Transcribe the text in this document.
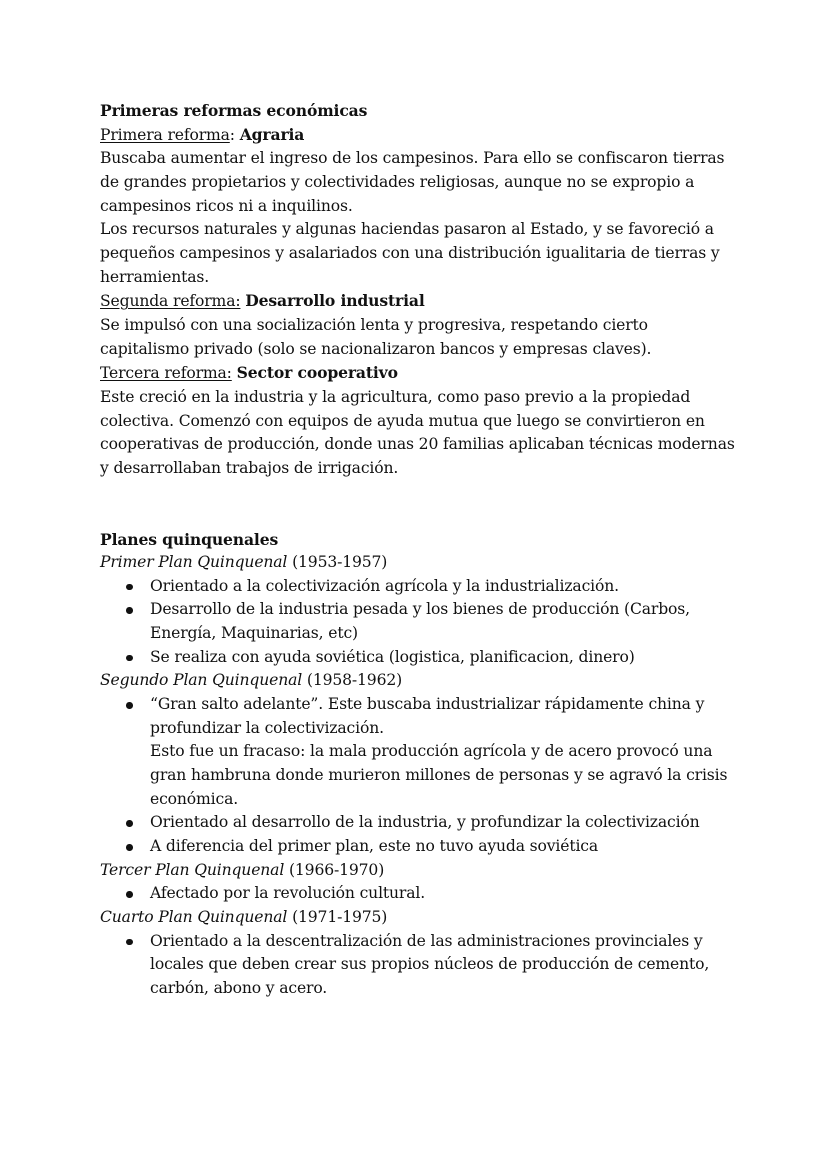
Primeras reformas económicas
Primera reforma: Agraria

Buscaba aumentar el ingreso de los campesinos. Para ello se confiscaron tierras de grandes propietarios y colectividades religiosas, aunque no se expropio a campesinos ricos ni a inquilinos.

Los recursos naturales y algunas haciendas pasaron al Estado, y se favoreció a pequeños campesinos y asalariados con una distribución igualitaria de tierras y herramientas.

Segunda reforma: Desarrollo industrial

Se impulsó con una socialización lenta y progresiva, respetando cierto capitalismo privado (solo se nacionalizaron bancos y empresas claves).

Tercera reforma: Sector cooperativo

Este creció en la industria y la agricultura, como paso previo a la propiedad colectiva. Comenzó con equipos de ayuda mutua que luego se convirtieron en cooperativas de producción, donde unas 20 familias aplicaban técnicas modernas y desarrollaban trabajos de irrigación.

Planes quinquenales
Primer Plan Quinquenal (1953-1957)
Orientado a la colectivización agrícola y la industrialización.
Desarrollo de la industria pesada y los bienes de producción (Carbos, Energía, Maquinarias, etc)
Se realiza con ayuda soviética (logistica, planificacion, dinero)
Segundo Plan Quinquenal (1958-1962)
“Gran salto adelante”. Este buscaba industrializar rápidamente china y profundizar la colectivización.
Esto fue un fracaso: la mala producción agrícola y de acero provocó una gran hambruna donde murieron millones de personas y se agravó la crisis económica.
Orientado al desarrollo de la industria, y profundizar la colectivización
A diferencia del primer plan, este no tuvo ayuda soviética
Tercer Plan Quinquenal (1966-1970)
Afectado por la revolución cultural.
Cuarto Plan Quinquenal (1971-1975)
Orientado a la descentralización de las administraciones provinciales y locales que deben crear sus propios núcleos de producción de cemento, carbón, abono y acero.
